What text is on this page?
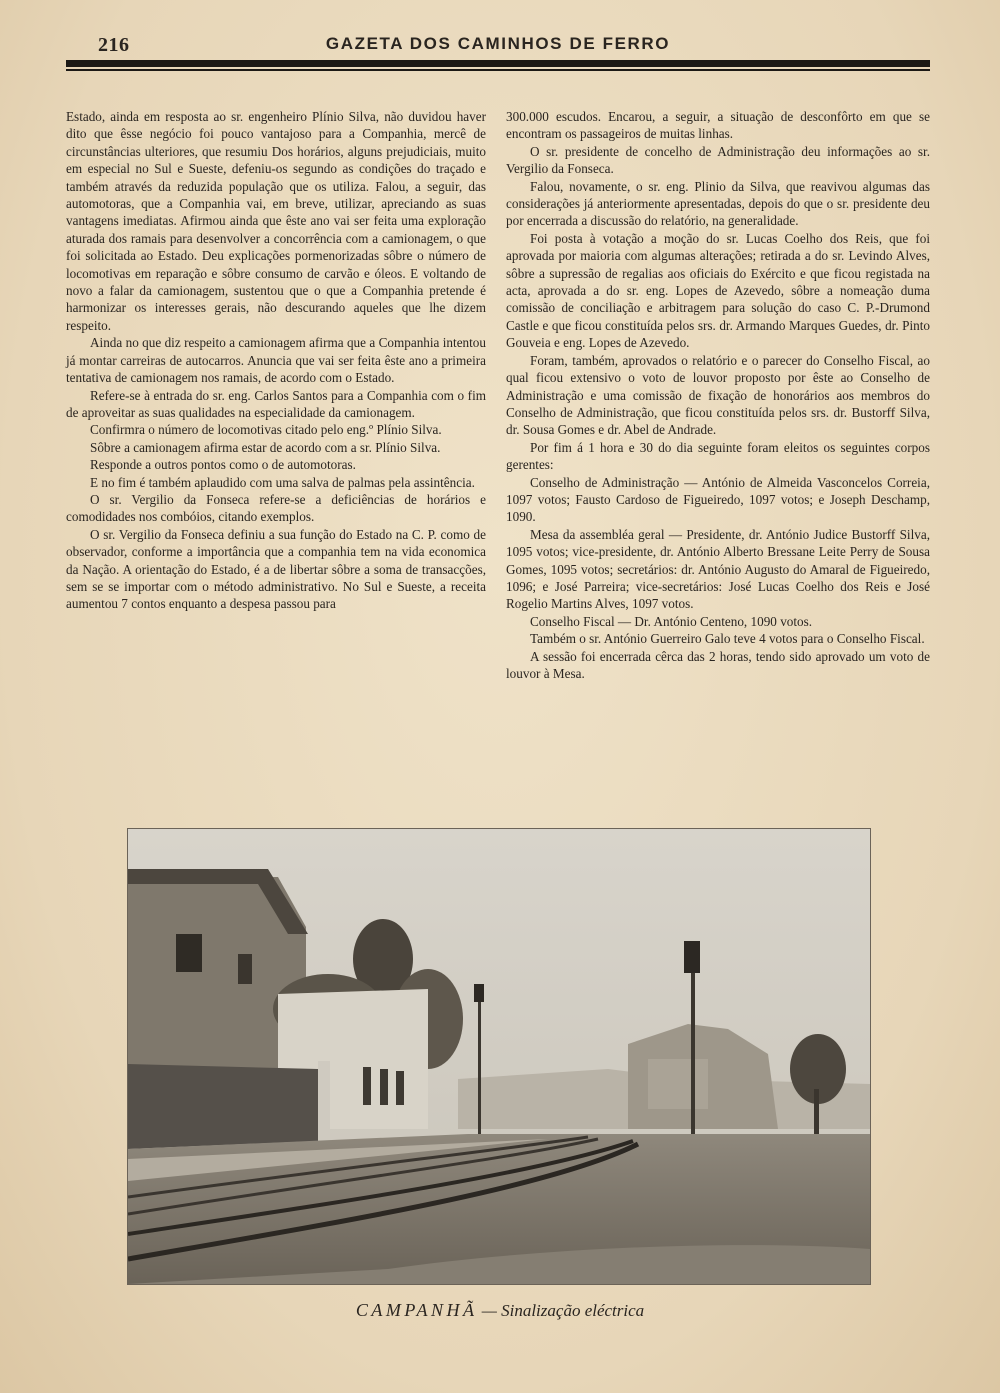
216	GAZETA DOS CAMINHOS DE FERRO

Estado, ainda em resposta ao sr. engenheiro Plínio Silva, não duvidou haver dito que êsse negócio foi pouco vantajoso para a Companhia, mercê de circunstâncias ulteriores, que resumiu Dos horários, alguns prejudiciais, muito em especial no Sul e Sueste, defeniu-os segundo as condições do traçado e também através da reduzida população que os utiliza. Falou, a seguir, das automotoras, que a Companhia vai, em breve, utilizar, apreciando as suas vantagens imediatas. Afirmou ainda que êste ano vai ser feita uma exploração aturada dos ramais para desenvolver a concorrência com a camionagem, o que foi solicitada ao Estado. Deu explicações pormenorizadas sôbre o número de locomotivas em reparação e sôbre consumo de carvão e óleos. E voltando de novo a falar da camionagem, sustentou que o que a Companhia pretende é harmonizar os interesses gerais, não descurando aqueles que lhe dizem respeito.

Ainda no que diz respeito a camionagem afirma que a Companhia intentou já montar carreiras de autocarros. Anuncia que vai ser feita êste ano a primeira tentativa de camionagem nos ramais, de acordo com o Estado.

Refere-se à entrada do sr. eng. Carlos Santos para a Companhia com o fim de aproveitar as suas qualidades na especialidade da camionagem.

Confirmra o número de locomotivas citado pelo eng.º Plínio Silva.

Sôbre a camionagem afirma estar de acordo com a sr. Plínio Silva.

Responde a outros pontos como o de automotoras.

E no fim é também aplaudido com uma salva de palmas pela assintência.

O sr. Vergilio da Fonseca refere-se a deficiências de horários e comodidades nos combóios, citando exemplos.

O sr. Vergilio da Fonseca definiu a sua função do Estado na C. P. como de observador, conforme a importância que a companhia tem na vida economica da Nação. A orientação do Estado, é a de libertar sôbre a soma de transacções, sem se se importar com o método administrativo. No Sul e Sueste, a receita aumentou 7 contos enquanto a despesa passou para

300.000 escudos. Encarou, a seguir, a situação de desconfôrto em que se encontram os passageiros de muitas linhas.

O sr. presidente de concelho de Administração deu informações ao sr. Vergilio da Fonseca.

Falou, novamente, o sr. eng. Plinio da Silva, que reavivou algumas das considerações já anteriormente apresentadas, depois do que o sr. presidente deu por encerrada a discussão do relatório, na generalidade.

Foi posta à votação a moção do sr. Lucas Coelho dos Reis, que foi aprovada por maioria com algumas alterações; retirada a do sr. Levindo Alves, sôbre a supressão de regalias aos oficiais do Exército e que ficou registada na acta, aprovada a do sr. eng. Lopes de Azevedo, sôbre a nomeação duma comissão de conciliação e arbitragem para solução do caso C. P.-Drumond Castle e que ficou constituída pelos srs. dr. Armando Marques Guedes, dr. Pinto Gouveia e eng. Lopes de Azevedo.

Foram, também, aprovados o relatório e o parecer do Conselho Fiscal, ao qual ficou extensivo o voto de louvor proposto por êste ao Conselho de Administração e uma comissão de fixação de honorários aos membros do Conselho de Administração, que ficou constituída pelos srs. dr. Bustorff Silva, dr. Sousa Gomes e dr. Abel de Andrade.

Por fim á 1 hora e 30 do dia seguinte foram eleitos os seguintes corpos gerentes:

Conselho de Administração — António de Almeida Vasconcelos Correia, 1097 votos; Fausto Cardoso de Figueiredo, 1097 votos; e Joseph Deschamp, 1090.

Mesa da assembléa geral — Presidente, dr. António Judice Bustorff Silva, 1095 votos; vice-presidente, dr. António Alberto Bressane Leite Perry de Sousa Gomes, 1095 votos; secretários: dr. António Augusto do Amaral de Figueiredo, 1096; e José Parreira; vice-secretários: José Lucas Coelho dos Reis e José Rogelio Martins Alves, 1097 votos.

Conselho Fiscal — Dr. António Centeno, 1090 votos.

Também o sr. António Guerreiro Galo teve 4 votos para o Conselho Fiscal.

A sessão foi encerrada cêrca das 2 horas, tendo sido aprovado um voto de louvor à Mesa.

CAMPANHÃ — Sinalização eléctrica
